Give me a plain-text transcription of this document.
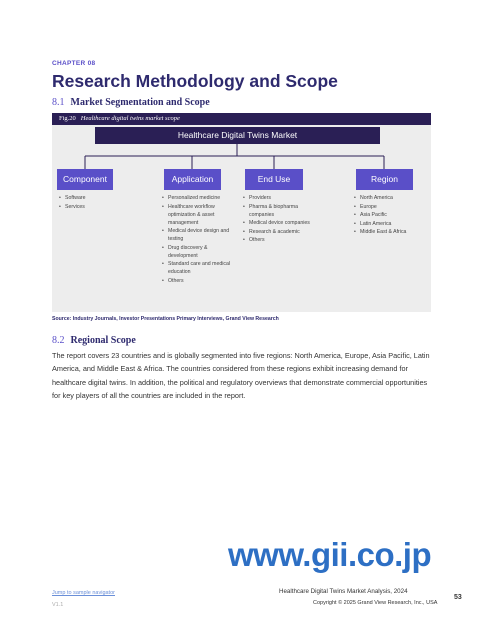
CHAPTER 08
Research Methodology and Scope
8.1 Market Segmentation and Scope
Fig.20 Healthcare digital twins market scope
Healthcare Digital Twins Market
Component	Application	End Use	Region
• Software
• Services
• Personalized medicine
• Healthcare workflow optimization & asset management
• Medical device design and testing
• Drug discovery & development
• Standard care and medical education
• Others
• Providers
• Pharma & biopharma companies
• Medical device companies
• Research & academic
• Others
• North America
• Europe
• Asia Pacific
• Latin America
• Middle East & Africa
Source: Industry Journals, Investor Presentations Primary Interviews, Grand View Research
8.2 Regional Scope
The report covers 23 countries and is globally segmented into five regions: North America, Europe, Asia Pacific, Latin America, and Middle East & Africa. The countries considered from these regions exhibit increasing demand for healthcare digital twins. In addition, the political and regulatory overviews that demonstrate commercial opportunities for key players of all the countries are included in the report.
www.gii.co.jp
Jump to sample navigator
V1.1
Healthcare Digital Twins Market Analysis, 2024
Copyright © 2025 Grand View Research, Inc., USA
53
